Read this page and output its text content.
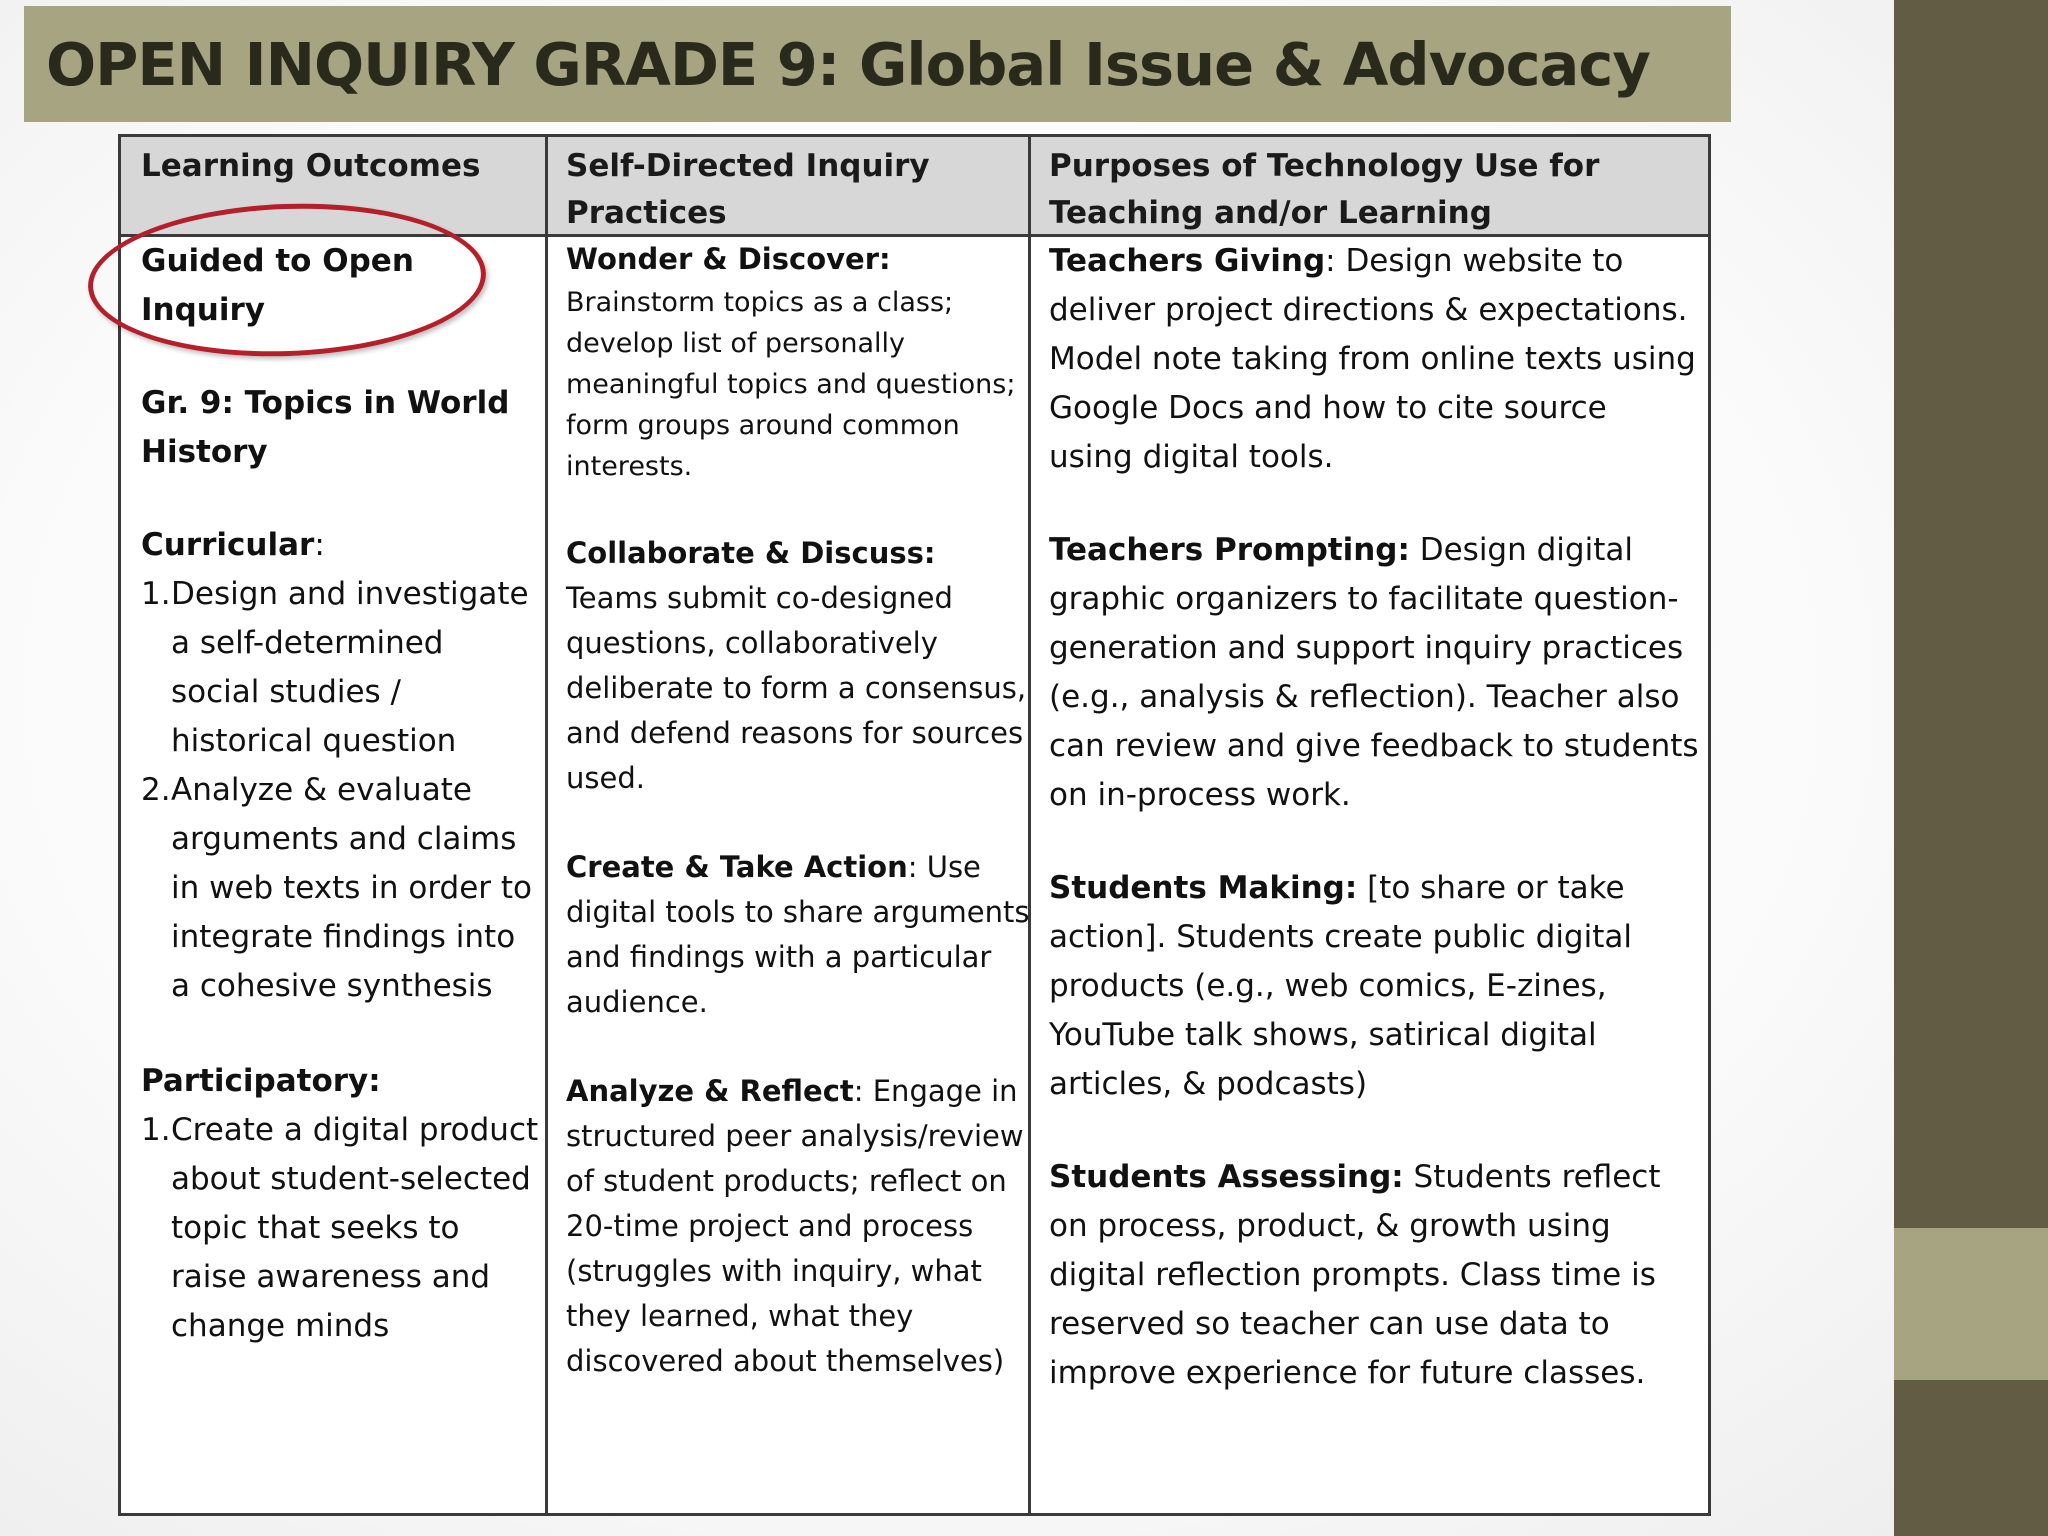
OPEN INQUIRY GRADE 9: Global Issue & Advocacy
Learning Outcomes	Self-Directed Inquiry Practices
Purposes of Technology Use for Teaching and/or Learning

Guided to Open Inquiry

Gr. 9: Topics in World History

Curricular:

1. Design and investigate a self-determined social studies / historical question
2. Analyze & evaluate arguments and claims in web texts in order to integrate findings into a cohesive synthesis

Participatory:

1. Create a digital product about student-selected topic that seeks to raise awareness and change minds
Wonder & Discover:
Brainstorm topics as a class; develop list of personally meaningful topics and questions; form groups around common interests.
Collaborate & Discuss:
Teams submit co-designed questions, collaboratively deliberate to form a consensus, and defend reasons for sources used.
Create & Take Action: Use digital tools to share arguments and findings with a particular audience.
Analyze & Reflect: Engage in structured peer analysis/review of student products; reflect on 20-time project and process (struggles with inquiry, what they learned, what they discovered about themselves)

Teachers Giving: Design website to deliver project directions & expectations. Model note taking from online texts using Google Docs and how to cite source using digital tools.

Teachers Prompting: Design digital graphic organizers to facilitate question-generation and support inquiry practices (e.g., analysis & reflection). Teacher also can review and give feedback to students on in-process work.

Students Making: [to share or take action]. Students create public digital products (e.g., web comics, E-zines, YouTube talk shows, satirical digital articles, & podcasts)

Students Assessing: Students reflect on process, product, & growth using digital reflection prompts. Class time is reserved so teacher can use data to improve experience for future classes.
